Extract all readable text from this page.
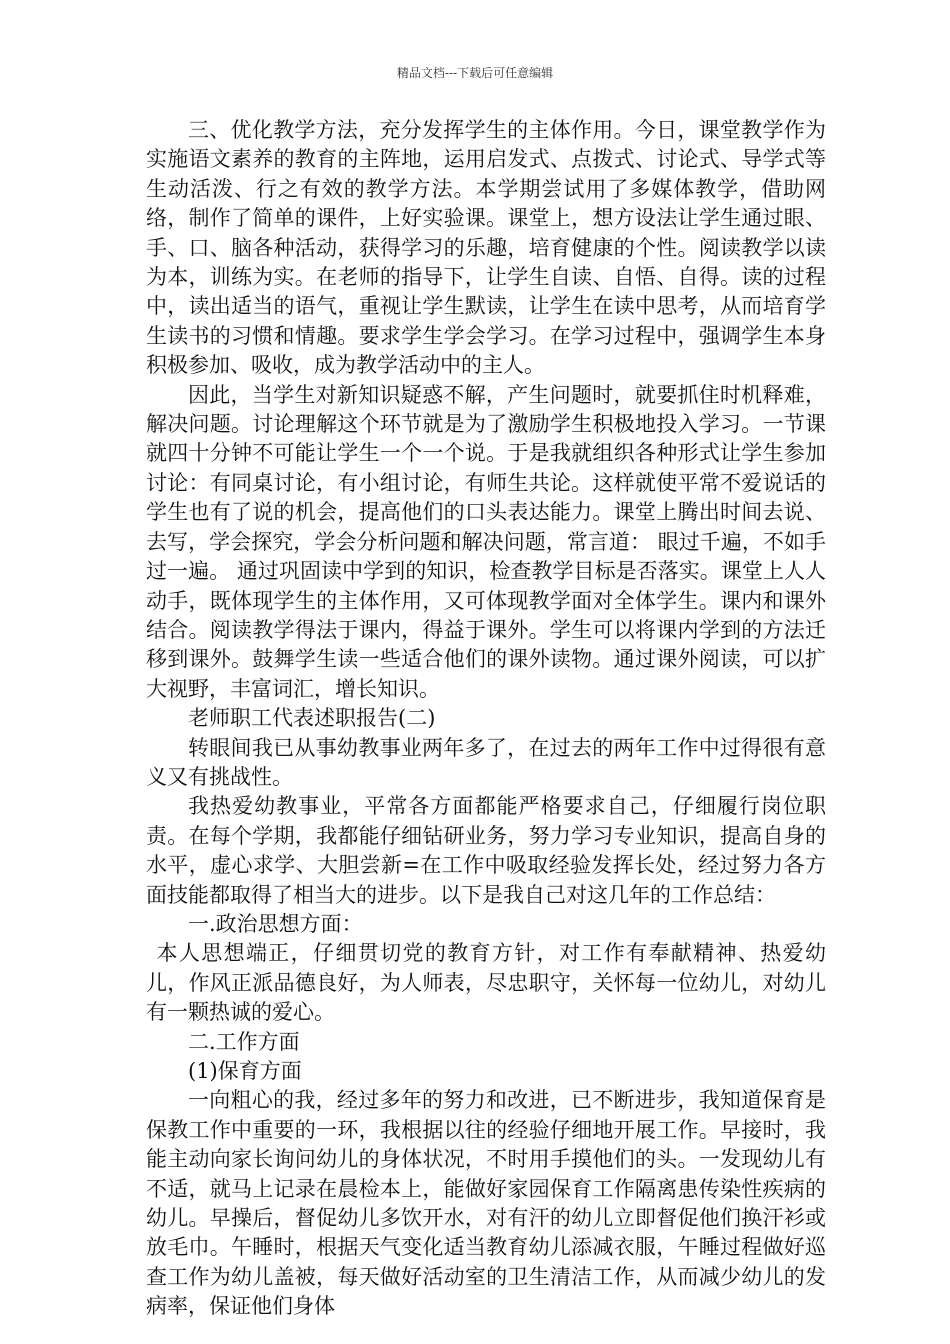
精品文档---下载后可任意编辑

三、优化教学方法，充分发挥学生的主体作用。今日，课堂教学作为实施语文素养的教育的主阵地，运用启发式、点拨式、讨论式、导学式等生动活泼、行之有效的教学方法。本学期尝试用了多媒体教学，借助网络，制作了简单的课件，上好实验课。课堂上，想方设法让学生通过眼、手、口、脑各种活动，获得学习的乐趣，培育健康的个性。阅读教学以读为本，训练为实。在老师的指导下，让学生自读、自悟、自得。读的过程中，读出适当的语气，重视让学生默读，让学生在读中思考，从而培育学生读书的习惯和情趣。要求学生学会学习。在学习过程中，强调学生本身积极参加、吸收，成为教学活动中的主人。

因此，当学生对新知识疑惑不解，产生问题时，就要抓住时机释难，解决问题。讨论理解这个环节就是为了激励学生积极地投入学习。一节课就四十分钟不可能让学生一个一个说。于是我就组织各种形式让学生参加讨论：有同桌讨论，有小组讨论，有师生共论。这样就使平常不爱说话的学生也有了说的机会，提高他们的口头表达能力。课堂上腾出时间去说、去写，学会探究，学会分析问题和解决问题，常言道： 眼过千遍，不如手过一遍。 通过巩固读中学到的知识，检查教学目标是否落实。课堂上人人动手，既体现学生的主体作用，又可体现教学面对全体学生。课内和课外结合。阅读教学得法于课内，得益于课外。学生可以将课内学到的方法迁移到课外。鼓舞学生读一些适合他们的课外读物。通过课外阅读，可以扩大视野，丰富词汇，增长知识。

老师职工代表述职报告(二)

转眼间我已从事幼教事业两年多了，在过去的两年工作中过得很有意义又有挑战性。

我热爱幼教事业，平常各方面都能严格要求自己，仔细履行岗位职责。在每个学期，我都能仔细钻研业务，努力学习专业知识，提高自身的水平，虚心求学、大胆尝新=在工作中吸取经验发挥长处，经过努力各方面技能都取得了相当大的进步。以下是我自己对这几年的工作总结：

一.政治思想方面：

本人思想端正，仔细贯切党的教育方针，对工作有奉献精神、热爱幼儿，作风正派品德良好，为人师表，尽忠职守，关怀每一位幼儿，对幼儿有一颗热诚的爱心。

二.工作方面

(1)保育方面

一向粗心的我，经过多年的努力和改进，已不断进步，我知道保育是保教工作中重要的一环，我根据以往的经验仔细地开展工作。早接时，我能主动向家长询问幼儿的身体状况，不时用手摸他们的头。一发现幼儿有不适，就马上记录在晨检本上，能做好家园保育工作隔离患传染性疾病的幼儿。早操后，督促幼儿多饮开水，对有汗的幼儿立即督促他们换汗衫或放毛巾。午睡时，根据天气变化适当教育幼儿添减衣服，午睡过程做好巡查工作为幼儿盖被，每天做好活动室的卫生清洁工作，从而减少幼儿的发病率，保证他们身体
